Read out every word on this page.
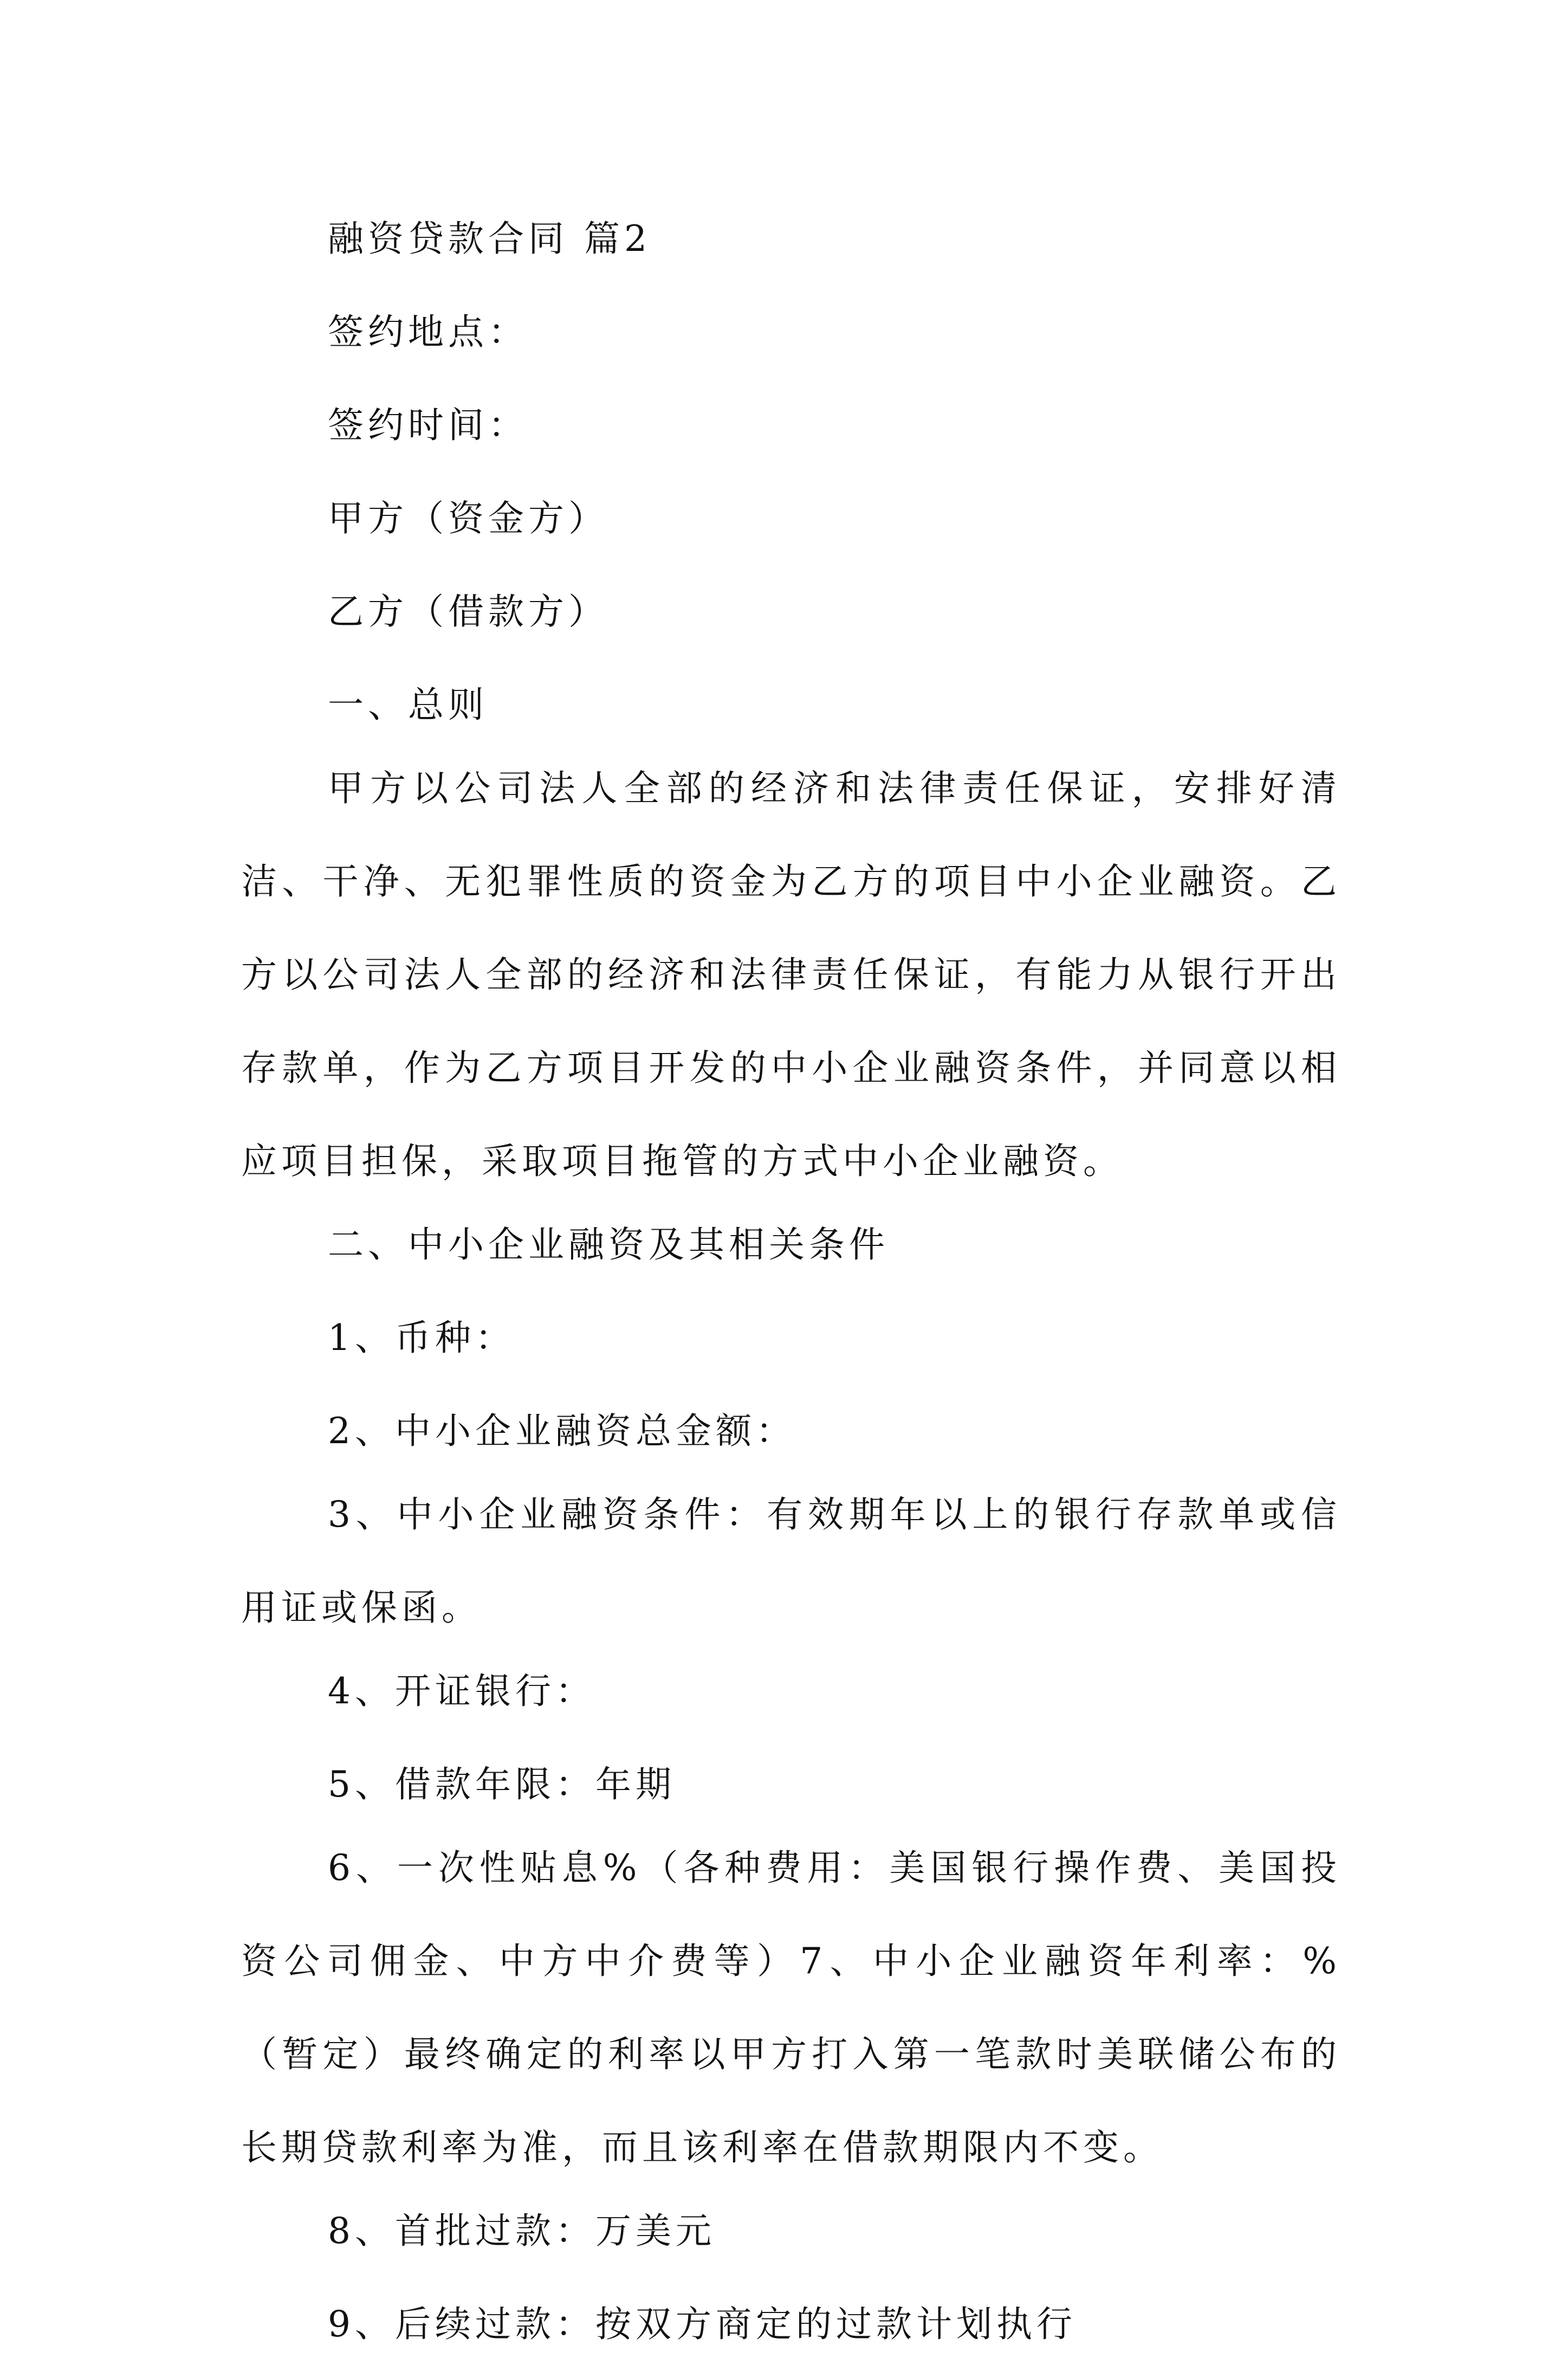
融资贷款合同 篇2
签约地点：
签约时间：
甲方（资金方）
乙方（借款方）
一、总则
甲方以公司法人全部的经济和法律责任保证，安排好清洁、干净、无犯罪性质的资金为乙方的项目中小企业融资。乙方以公司法人全部的经济和法律责任保证，有能力从银行开出存款单，作为乙方项目开发的中小企业融资条件，并同意以相应项目担保，采取项目拖管的方式中小企业融资。
二、中小企业融资及其相关条件
1、币种：
2、中小企业融资总金额：
3、中小企业融资条件：有效期年以上的银行存款单或信用证或保函。
4、开证银行：
5、借款年限：年期
6、一次性贴息%（各种费用：美国银行操作费、美国投资公司佣金、中方中介费等）7、中小企业融资年利率：%（暂定）最终确定的利率以甲方打入第一笔款时美联储公布的长期贷款利率为准，而且该利率在借款期限内不变。
8、首批过款：万美元
9、后续过款：按双方商定的过款计划执行
